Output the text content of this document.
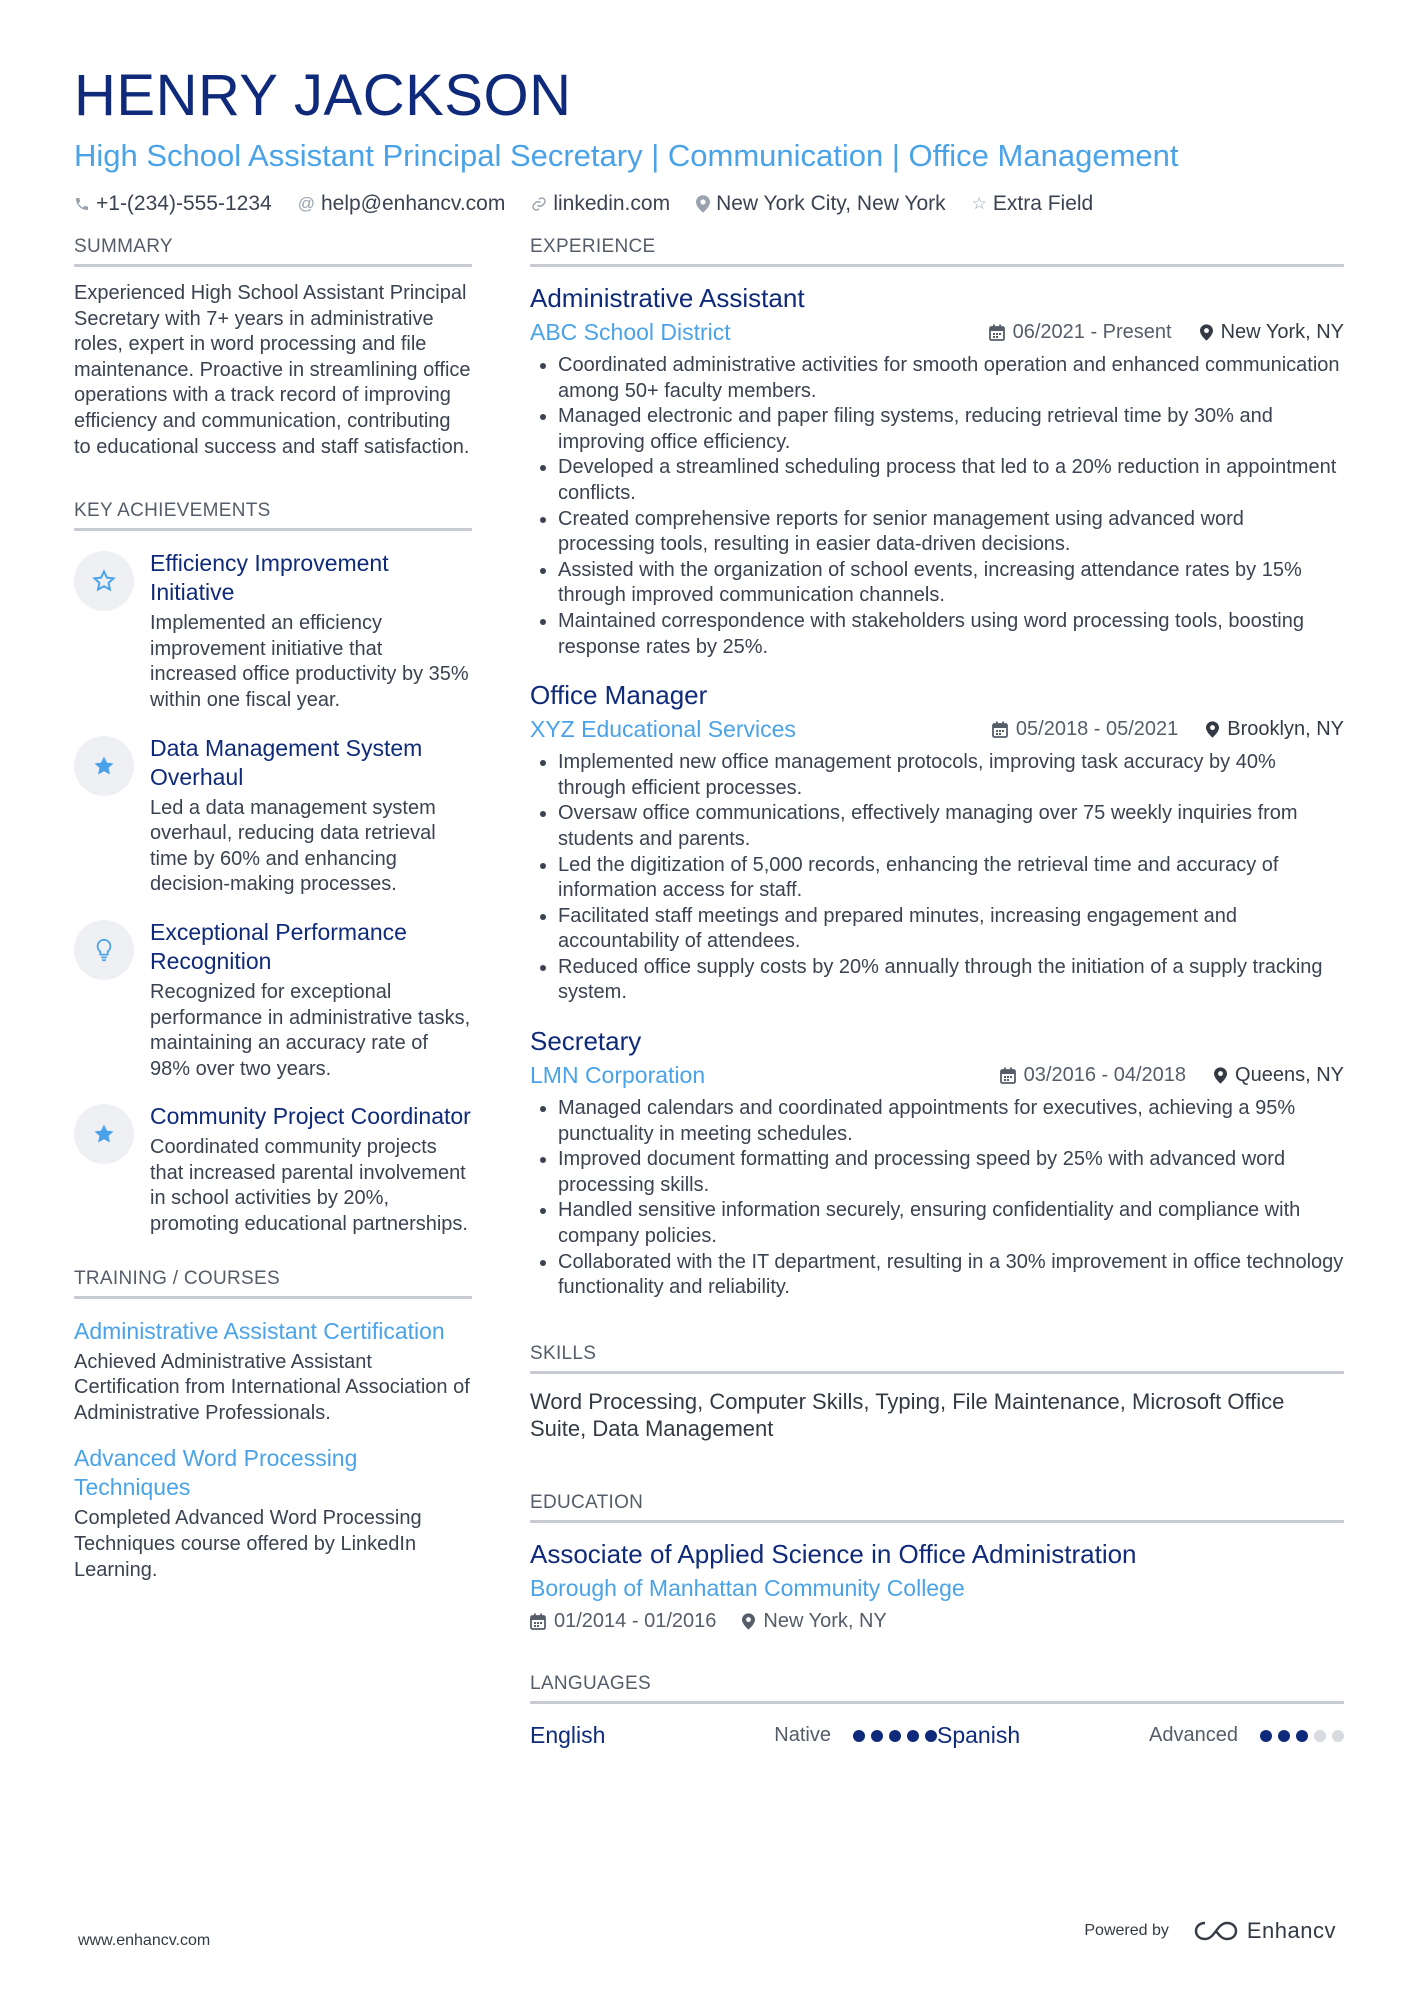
HENRY JACKSON
High School Assistant Principal Secretary | Communication | Office Management
+1-(234)-555-1234 @ help@enhancv.com linkedin.com New York City, New York ☆ Extra Field
SUMMARY
Experienced High School Assistant Principal Secretary with 7+ years in administrative roles, expert in word processing and file maintenance. Proactive in streamlining office operations with a track record of improving efficiency and communication, contributing to educational success and staff satisfaction.
KEY ACHIEVEMENTS
Efficiency Improvement Initiative
Implemented an efficiency improvement initiative that increased office productivity by 35% within one fiscal year.
Data Management System Overhaul
Led a data management system overhaul, reducing data retrieval time by 60% and enhancing decision-making processes.
Exceptional Performance Recognition
Recognized for exceptional performance in administrative tasks, maintaining an accuracy rate of 98% over two years.
Community Project Coordinator
Coordinated community projects that increased parental involvement in school activities by 20%, promoting educational partnerships.
TRAINING / COURSES
Administrative Assistant Certification
Achieved Administrative Assistant Certification from International Association of Administrative Professionals.
Advanced Word Processing Techniques
Completed Advanced Word Processing Techniques course offered by LinkedIn Learning.
EXPERIENCE
Administrative Assistant
ABC School District	06/2021 - Present New York, NY
• Coordinated administrative activities for smooth operation and enhanced communication among 50+ faculty members.
• Managed electronic and paper filing systems, reducing retrieval time by 30% and improving office efficiency.
• Developed a streamlined scheduling process that led to a 20% reduction in appointment conflicts.
• Created comprehensive reports for senior management using advanced word processing tools, resulting in easier data-driven decisions.
• Assisted with the organization of school events, increasing attendance rates by 15% through improved communication channels.
• Maintained correspondence with stakeholders using word processing tools, boosting response rates by 25%.
Office Manager
XYZ Educational Services	05/2018 - 05/2021 Brooklyn, NY
• Implemented new office management protocols, improving task accuracy by 40% through efficient processes.
• Oversaw office communications, effectively managing over 75 weekly inquiries from students and parents.
• Led the digitization of 5,000 records, enhancing the retrieval time and accuracy of information access for staff.
• Facilitated staff meetings and prepared minutes, increasing engagement and accountability of attendees.
• Reduced office supply costs by 20% annually through the initiation of a supply tracking system.
Secretary
LMN Corporation	03/2016 - 04/2018 Queens, NY
• Managed calendars and coordinated appointments for executives, achieving a 95% punctuality in meeting schedules.
• Improved document formatting and processing speed by 25% with advanced word processing skills.
• Handled sensitive information securely, ensuring confidentiality and compliance with company policies.
• Collaborated with the IT department, resulting in a 30% improvement in office technology functionality and reliability.
SKILLS
Word Processing, Computer Skills, Typing, File Maintenance, Microsoft Office Suite, Data Management
EDUCATION
Associate of Applied Science in Office Administration
Borough of Manhattan Community College
01/2014 - 01/2016 New York, NY
LANGUAGES
English	Native	Spanish	Advanced
www.enhancv.com
Powered by	Enhancv
